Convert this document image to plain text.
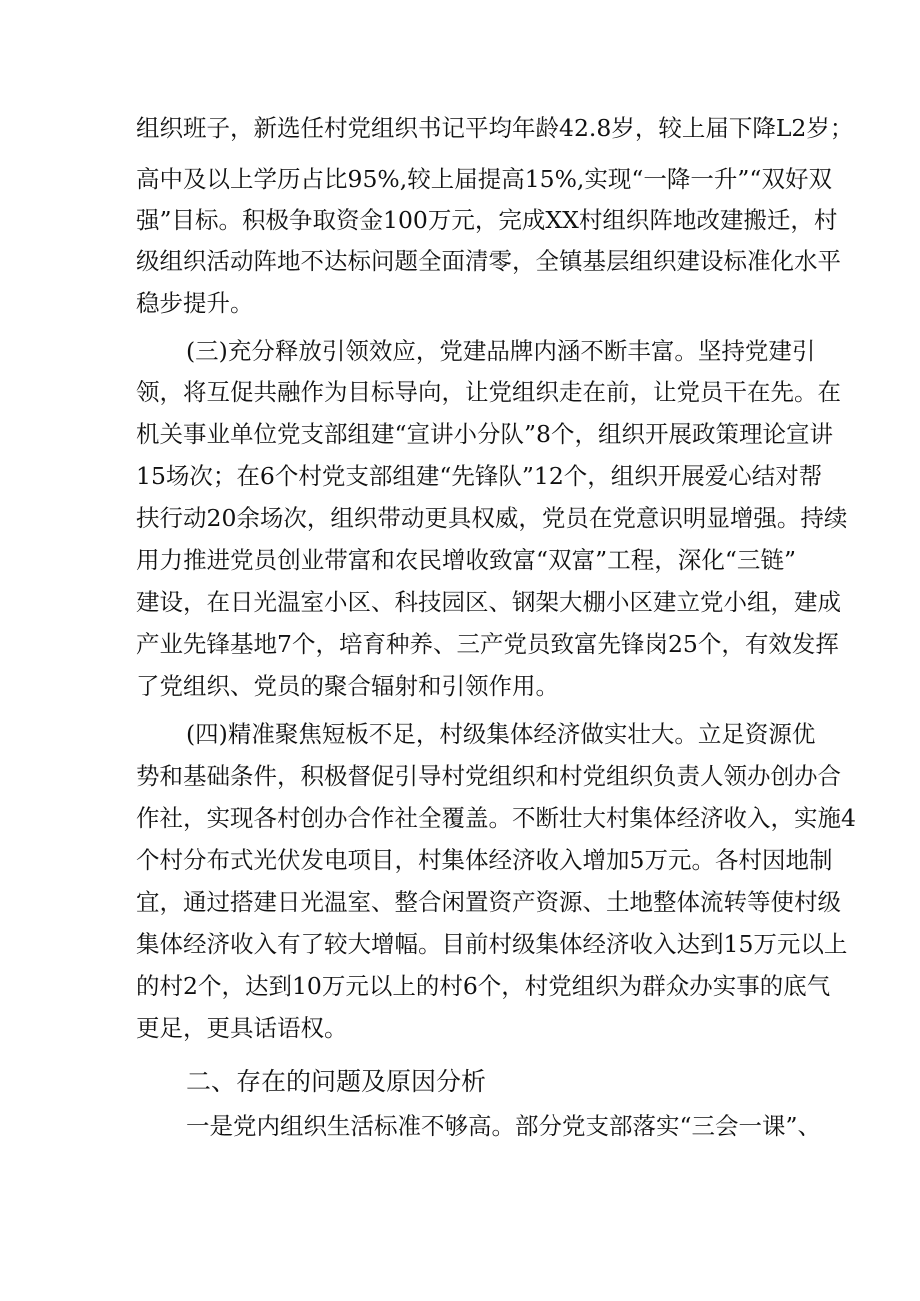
组织班子，新选任村党组织书记平均年龄42.8岁，较上届下降L2岁；
高中及以上学历占比95%,较上届提高15%,实现“一降一升”“双好双
强”目标。积极争取资金100万元，完成XX村组织阵地改建搬迁，村
级组织活动阵地不达标问题全面清零，全镇基层组织建设标准化水平
稳步提升。
(三)充分释放引领效应，党建品牌内涵不断丰富。坚持党建引
领，将互促共融作为目标导向，让党组织走在前，让党员干在先。在
机关事业单位党支部组建“宣讲小分队”8个，组织开展政策理论宣讲
15场次；在6个村党支部组建“先锋队”12个，组织开展爱心结对帮
扶行动20余场次，组织带动更具权威，党员在党意识明显增强。持续
用力推进党员创业带富和农民增收致富“双富”工程，深化“三链”
建设，在日光温室小区、科技园区、钢架大棚小区建立党小组，建成
产业先锋基地7个，培育种养、三产党员致富先锋岗25个，有效发挥
了党组织、党员的聚合辐射和引领作用。
(四)精准聚焦短板不足，村级集体经济做实壮大。立足资源优
势和基础条件，积极督促引导村党组织和村党组织负责人领办创办合
作社，实现各村创办合作社全覆盖。不断壮大村集体经济收入，实施4
个村分布式光伏发电项目，村集体经济收入增加5万元。各村因地制
宜，通过搭建日光温室、整合闲置资产资源、土地整体流转等使村级
集体经济收入有了较大增幅。目前村级集体经济收入达到15万元以上
的村2个，达到10万元以上的村6个，村党组织为群众办实事的底气
更足，更具话语权。
二、存在的问题及原因分析
一是党内组织生活标准不够高。部分党支部落实“三会一课”、
